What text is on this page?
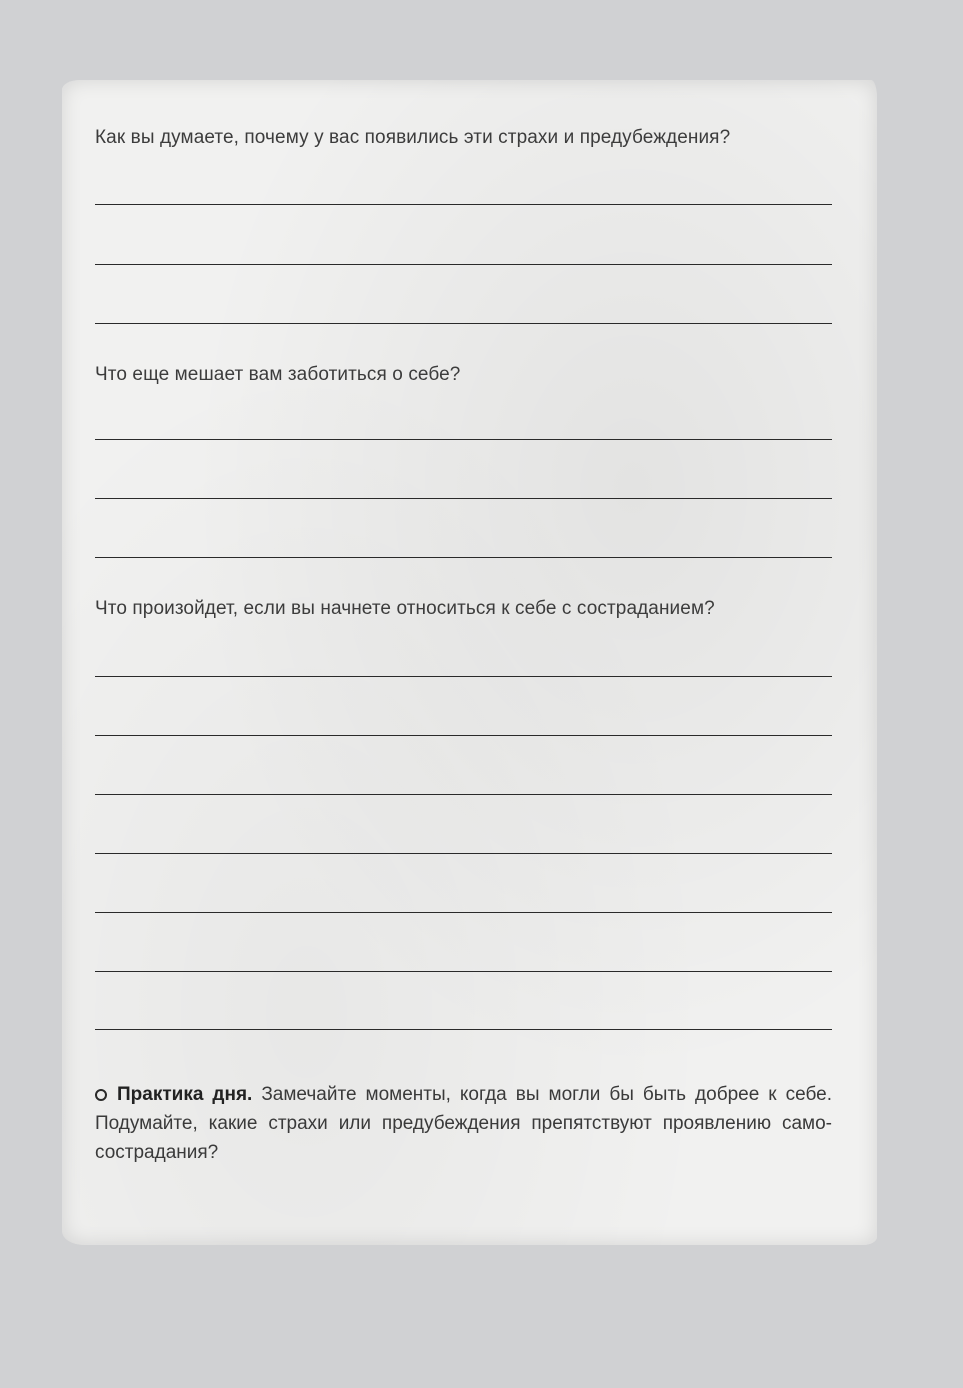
Как вы думаете, почему у вас появились эти страхи и предубеждения?
Что еще мешает вам заботиться о себе?
Что произойдет, если вы начнете относиться к себе с состраданием?
Практика дня. Замечайте моменты, когда вы могли бы быть добрее к себе. Подумайте, какие страхи или предубеждения препятствуют проявлению само-сострадания?
